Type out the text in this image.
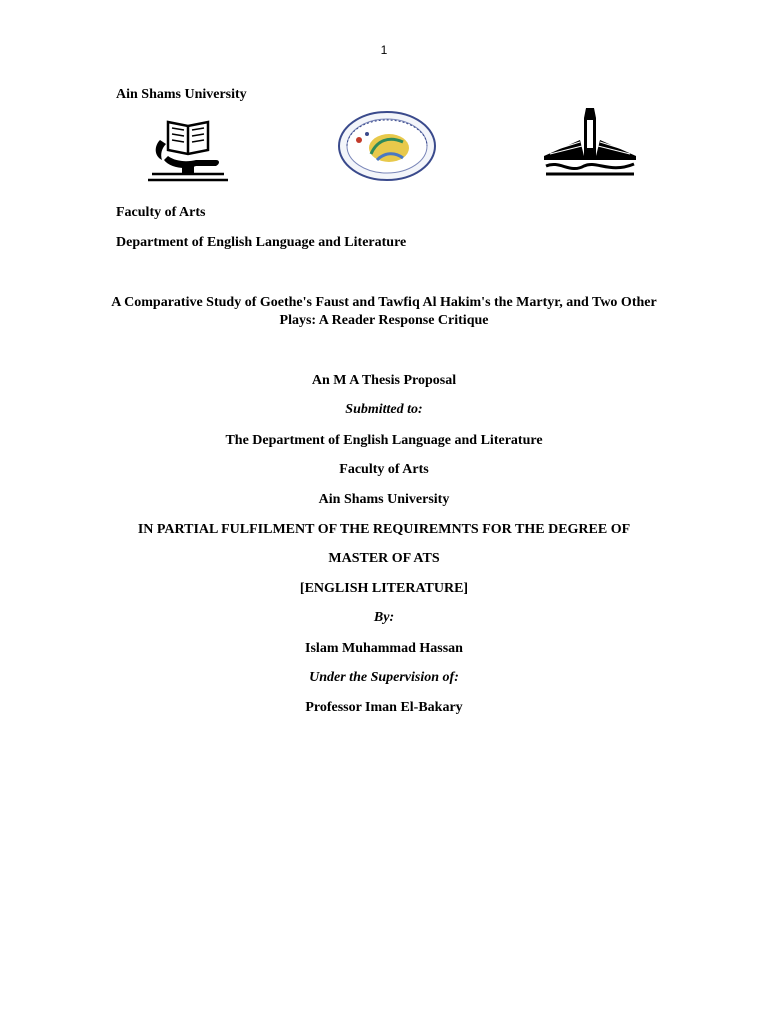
1
Ain Shams University
Faculty of Arts
Department of English Language and Literature
A Comparative Study of Goethe's Faust and Tawfiq Al Hakim's the Martyr, and Two Other Plays: A Reader Response Critique
An M A Thesis Proposal
Submitted to:
The Department of English Language and Literature
Faculty of Arts
Ain Shams University
IN PARTIAL FULFILMENT OF THE REQUIREMNTS FOR THE DEGREE OF
MASTER OF ATS
[ENGLISH LITERATURE]
By:
Islam Muhammad Hassan
Under the Supervision of:
Professor Iman El-Bakary
